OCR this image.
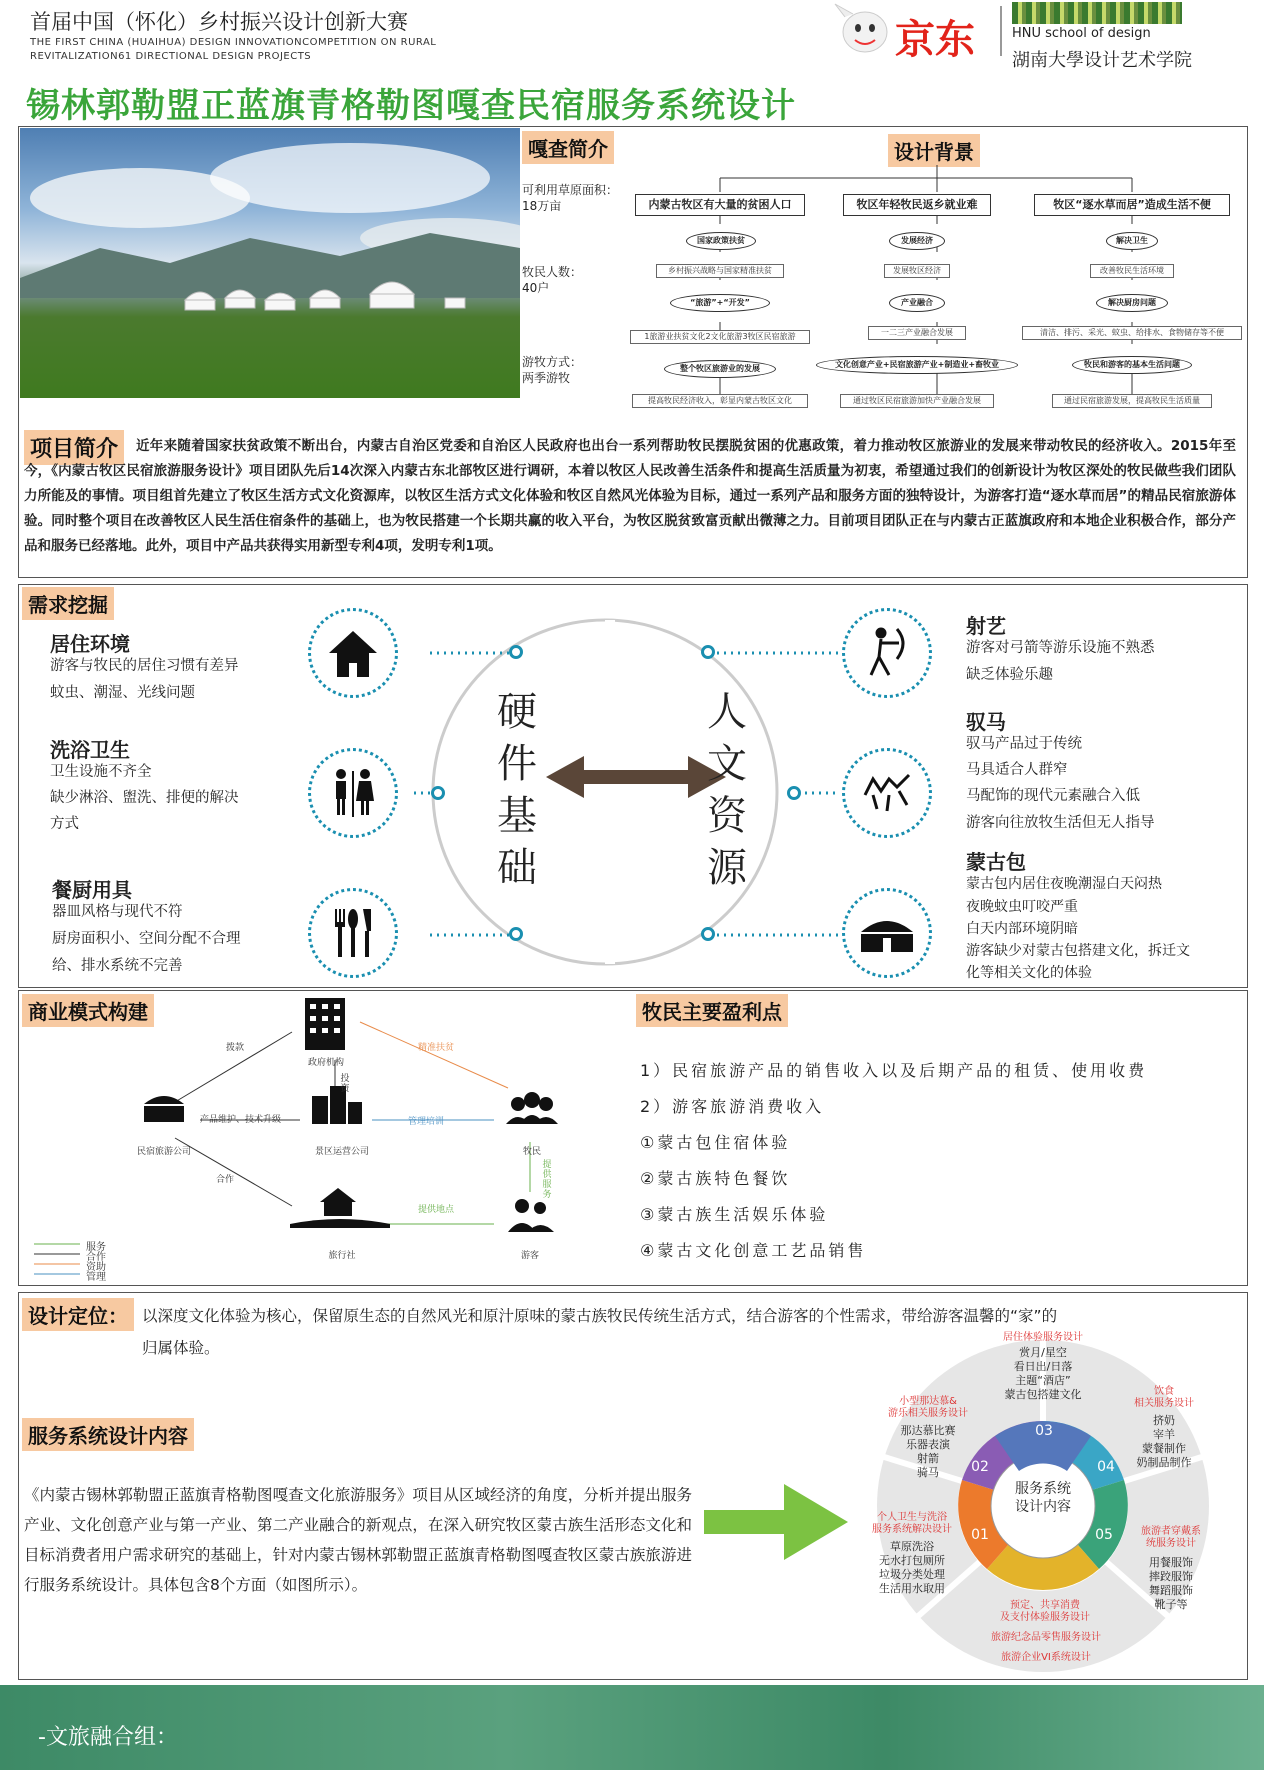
首届中国（怀化）乡村振兴设计创新大赛
THE FIRST CHINA (HUAIHUA) DESIGN INNOVATIONCOMPETITION ON RURAL
REVITALIZATION61 DIRECTIONAL DESIGN PROJECTS	京东	HNU school of design
湖南大學设计艺术学院
锡林郭勒盟正蓝旗青格勒图嘎查民宿服务系统设计
嘎查简介
可利用草原面积：
18万亩
牧民人数：
40户
游牧方式：
两季游牧
设计背景
内蒙古牧区有大量的贫困人口
国家政策扶贫
乡村振兴战略与国家精准扶贫
“旅游”+“开发”
1旅游业扶贫文化2文化旅游3牧区民宿旅游
整个牧区旅游业的发展
提高牧民经济收入，彰显内蒙古牧区文化
牧区年轻牧民返乡就业难
发展经济
发展牧区经济
产业融合
一二三产业融合发展
文化创意产业+民宿旅游产业+制造业+畜牧业
通过牧区民宿旅游加快产业融合发展
牧区“逐水草而居”造成生活不便
解决卫生
改善牧民生活环境
解决厨房问题
清洁、排污、采光、蚊虫、给排水、食物储存等不便
牧民和游客的基本生活问题
通过民宿旅游发展，提高牧民生活质量
项目简介	近年来随着国家扶贫政策不断出台，内蒙古自治区党委和自治区人民政府也出台一系列帮助牧民摆脱贫困的优惠政策，着力推动牧区旅游业的发展来带动牧民的经济收入。2015年至今，《内蒙古牧区民宿旅游服务设计》项目团队先后14次深入内蒙古东北部牧区进行调研，本着以牧区人民改善生活条件和提高生活质量为初衷，希望通过我们的创新设计为牧区深处的牧民做些我们团队力所能及的事情。项目组首先建立了牧区生活方式文化资源库，以牧区生活方式文化体验和牧区自然风光体验为目标，通过一系列产品和服务方面的独特设计，为游客打造“逐水草而居”的精品民宿旅游体验。同时整个项目在改善牧区人民生活住宿条件的基础上，也为牧民搭建一个长期共赢的收入平台，为牧区脱贫致富贡献出微薄之力。目前项目团队正在与内蒙古正蓝旗政府和本地企业积极合作，部分产品和服务已经落地。此外，项目中产品共获得实用新型专利4项，发明专利1项。
需求挖掘
居住环境
游客与牧民的居住习惯有差异
蚊虫、潮湿、光线问题
洗浴卫生
卫生设施不齐全
缺少淋浴、盥洗、排便的解决
方式
餐厨用具
器皿风格与现代不符
厨房面积小、空间分配不合理
给、排水系统不完善
硬
件
基
础
人
文
资
源
射艺
游客对弓箭等游乐设施不熟悉
缺乏体验乐趣
驭马
驭马产品过于传统
马具适合人群窄
马配饰的现代元素融合入低
游客向往放牧生活但无人指导
蒙古包
蒙古包内居住夜晚潮湿白天闷热
夜晚蚊虫叮咬严重
白天内部环境阴暗
游客缺少对蒙古包搭建文化，拆迁文
化等相关文化的体验
商业模式构建
政府机构
民宿旅游公司	景区运营公司	牧民
旅行社	游客
拨款	精准扶贫
产品维护、技术升级
投资
管理培训
合作
提供服务
提供地点
服务
合作
资助
管理
牧民主要盈利点
1）民宿旅游产品的销售收入以及后期产品的租赁、使用收费
2）游客旅游消费收入
①蒙古包住宿体验
②蒙古族特色餐饮
③蒙古族生活娱乐体验
④蒙古文化创意工艺品销售
设计定位： 以深度文化体验为核心，保留原生态的自然风光和原汁原味的蒙古族牧民传统生活方式，结合游客的个性需求，带给游客温馨的“家”的
归属体验。
服务系统设计内容
《内蒙古锡林郭勒盟正蓝旗青格勒图嘎查文化旅游服务》项目从区域经济的角度，分析并提出服务产业、文化创意产业与第一产业、第二产业融合的新观点，在深入研究牧区蒙古族生活形态文化和目标消费者用户需求研究的基础上，针对内蒙古锡林郭勒盟正蓝旗青格勒图嘎查牧区蒙古族旅游进行服务系统设计。具体包含8个方面（如图所示）。
服务系统
设计内容
03
04
05
01
02
居住体验服务设计
赏月/星空
看日出/日落
主题“酒店”
蒙古包搭建文化	饮食
相关服务设计
挤奶
宰羊
蒙餐制作
奶制品制作
旅游者穿戴系
统服务设计
用餐服饰
摔跤服饰
舞蹈服饰
靴子等
小型那达慕&
游乐相关服务设计
那达慕比赛
乐器表演
射箭
骑马
个人卫生与洗浴
服务系统解决设计
草原洗浴
无水打包厕所
垃圾分类处理
生活用水取用
预定、共享消费
及支付体验服务设计
旅游纪念品零售服务设计
旅游企业VI系统设计
-文旅融合组：
